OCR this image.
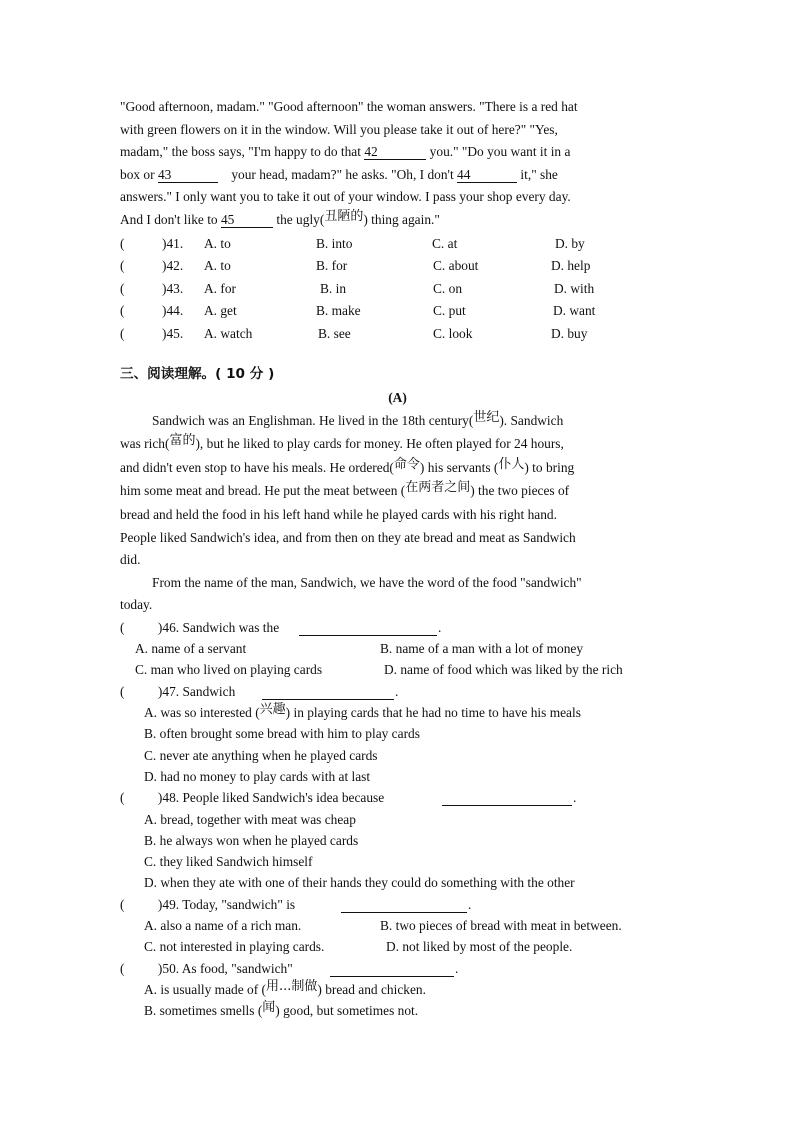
"Good afternoon, madam." "Good afternoon" the woman answers. "There is a red hat

with green flowers on it in the window. Will you please take it out of here?" "Yes,

madam," the boss says, "I'm happy to do that 42	you." "Do you want it in a

box or 43	your head, madam?" he asks. "Oh, I don't 44	it," she

answers." I only want you to take it out of your window. I pass your shop every day.

And I don't like to 45	the ugly(丑陋的) thing again."

(	)41. A. to	B. into	C. at	D. by
(	)42. A. to	B. for	C. about	D. help
(	)43. A. for	B. in	C. on	D. with
(	)44. A. get	B. make	C. put	D. want
(	)45. A. watch	B. see	C. look	D. buy
三、阅读理解。( 10 分 )
(A)

Sandwich was an Englishman. He lived in the 18th century(世纪). Sandwich

was rich(富的), but he liked to play cards for money. He often played for 24 hours,

and didn't even stop to have his meals. He ordered(命令) his servants (仆人) to bring

him some meat and bread. He put the meat between (在两者之间) the two pieces of

bread and held the food in his left hand while he played cards with his right hand.

People liked Sandwich's idea, and from then on they ate bread and meat as Sandwich

did.

From the name of the man, Sandwich, we have the word of the food "sandwich"

today.

(          )46. Sandwich was the	.
A. name of a servant	B. name of a man with a lot of money
C. man who lived on playing cards	D. name of food which was liked by the rich
(          )47. Sandwich	.
A. was so interested (兴趣) in playing cards that he had no time to have his meals
B. often brought some bread with him to play cards
C. never ate anything when he played cards
D. had no money to play cards with at last
(          )48. People liked Sandwich's idea because	.
A. bread, together with meat was cheap
B. he always won when he played cards
C. they liked Sandwich himself
D. when they ate with one of their hands they could do something with the other
(          )49. Today, "sandwich" is	.
A. also a name of a rich man.	B. two pieces of bread with meat in between.
C. not interested in playing cards.	D. not liked by most of the people.
(          )50. As food, "sandwich"	.
A. is usually made of (用...制做) bread and chicken.
B. sometimes smells (闻) good, but sometimes not.
